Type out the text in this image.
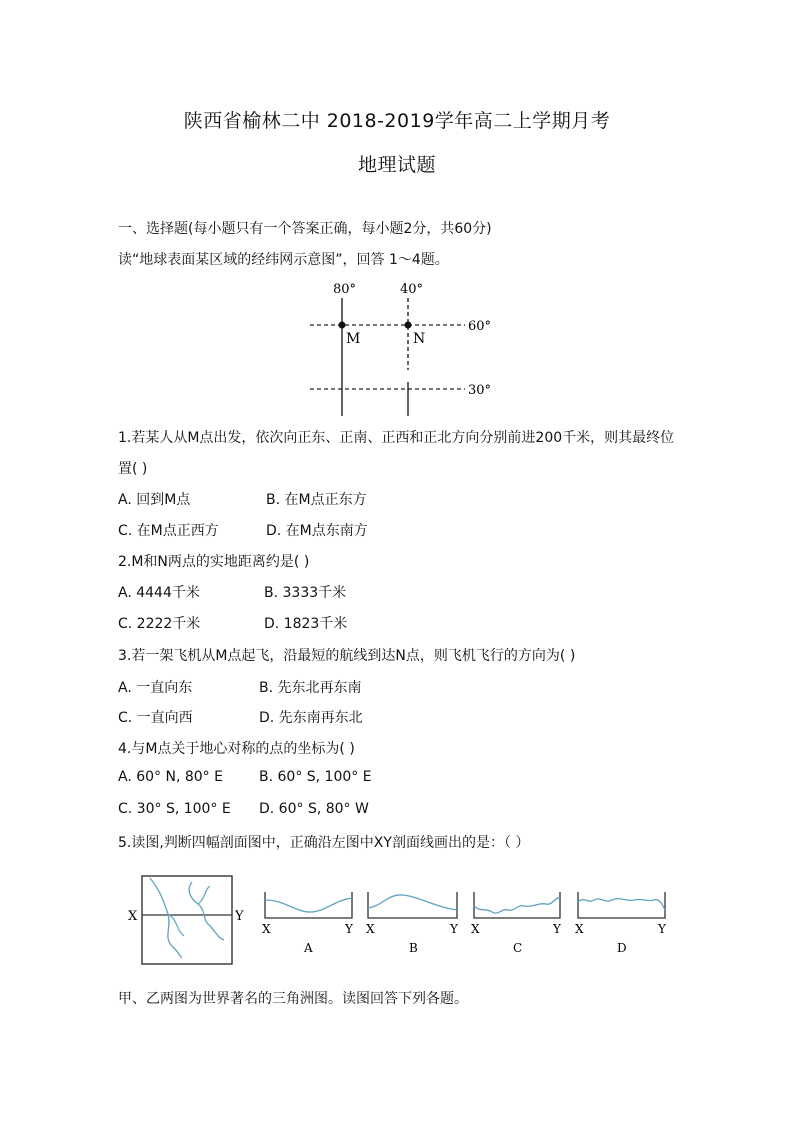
陕西省榆林二中 2018-2019学年高二上学期月考
地理试题
一、选择题(每小题只有一个答案正确，每小题2分，共60分)
读“地球表面某区域的经纬网示意图”，回答 1～4题。
80°	40°
60°
30°
M	N
1.若某人从M点出发，依次向正东、正南、正西和正北方向分别前进200千米，则其最终位
置( )
A. 回到M点	B. 在M点正东方
C. 在M点正西方	D. 在M点东南方
2.M和N两点的实地距离约是( )
A. 4444千米	B. 3333千米
C. 2222千米	D. 1823千米
3.若一架飞机从M点起飞，沿最短的航线到达N点，则飞机飞行的方向为( )
A. 一直向东	B. 先东北再东南
C. 一直向西	D. 先东南再东北
4.与M点关于地心对称的点的坐标为( )
A. 60° N, 80° E	B. 60° S, 100° E
C. 30° S, 100° E D. 60° S, 80° W
5.读图,判断四幅剖面图中，正确沿左图中XY剖面线画出的是：（ ）
X	Y
X	Y
A
X	Y
B
X	Y
C
X	Y
D
甲、乙两图为世界著名的三角洲图。读图回答下列各题。
